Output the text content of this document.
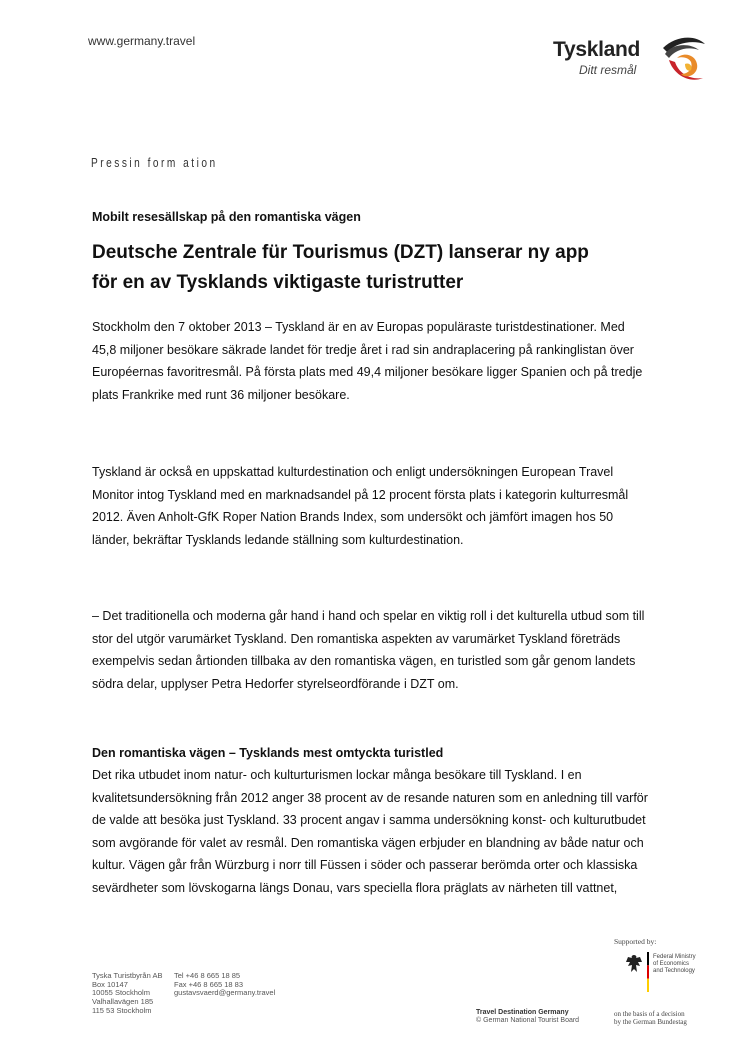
www.germany.travel	Tyskland
Ditt resmål
Pressin form ation
Mobilt resesällskap på den romantiska vägen
Deutsche Zentrale für Tourismus (DZT) lanserar ny app
för en av Tysklands viktigaste turistrutter

Stockholm den 7 oktober 2013 – Tyskland är en av Europas populäraste turistdestinationer. Med 45,8 miljoner besökare säkrade landet för tredje året i rad sin andraplacering på rankinglistan över Européernas favoritresmål. På första plats med 49,4 miljoner besökare ligger Spanien och på tredje plats Frankrike med runt 36 miljoner besökare.

Tyskland är också en uppskattad kulturdestination och enligt undersökningen European Travel Monitor intog Tyskland med en marknadsandel på 12 procent första plats i kategorin kulturresmål 2012. Även Anholt-GfK Roper Nation Brands Index, som undersökt och jämfört imagen hos 50 länder, bekräftar Tysklands ledande ställning som kulturdestination.

– Det traditionella och moderna går hand i hand och spelar en viktig roll i det kulturella utbud som till stor del utgör varumärket Tyskland. Den romantiska aspekten av varumärket Tyskland företräds exempelvis sedan årtionden tillbaka av den romantiska vägen, en turistled som går genom landets södra delar, upplyser Petra Hedorfer styrelseordförande i DZT om.

Den romantiska vägen – Tysklands mest omtyckta turistled

Det rika utbudet inom natur- och kulturturismen lockar många besökare till Tyskland. I en kvalitetsundersökning från 2012 anger 38 procent av de resande naturen som en anledning till varför de valde att besöka just Tyskland. 33 procent angav i samma undersökning konst- och kulturutbudet som avgörande för valet av resmål. Den romantiska vägen erbjuder en blandning av både natur och kultur. Vägen går från Würzburg i norr till Füssen i söder och passerar berömda orter och klassiska sevärdheter som lövskogarna längs Donau, vars speciella flora präglats av närheten till vattnet,

Tyska Turistbyrån AB
Box 10147
10055 Stockholm
Valhallavägen 185
115 53 Stockholm
Tel +46 8 665 18 85
Fax +46 8 665 18 83
gustavsvaerd@germany.travel
Travel Destination Germany
© German National Tourist Board
Supported by:
Federal Ministry
of Economics
and Technology
on the basis of a decision
by the German Bundestag
